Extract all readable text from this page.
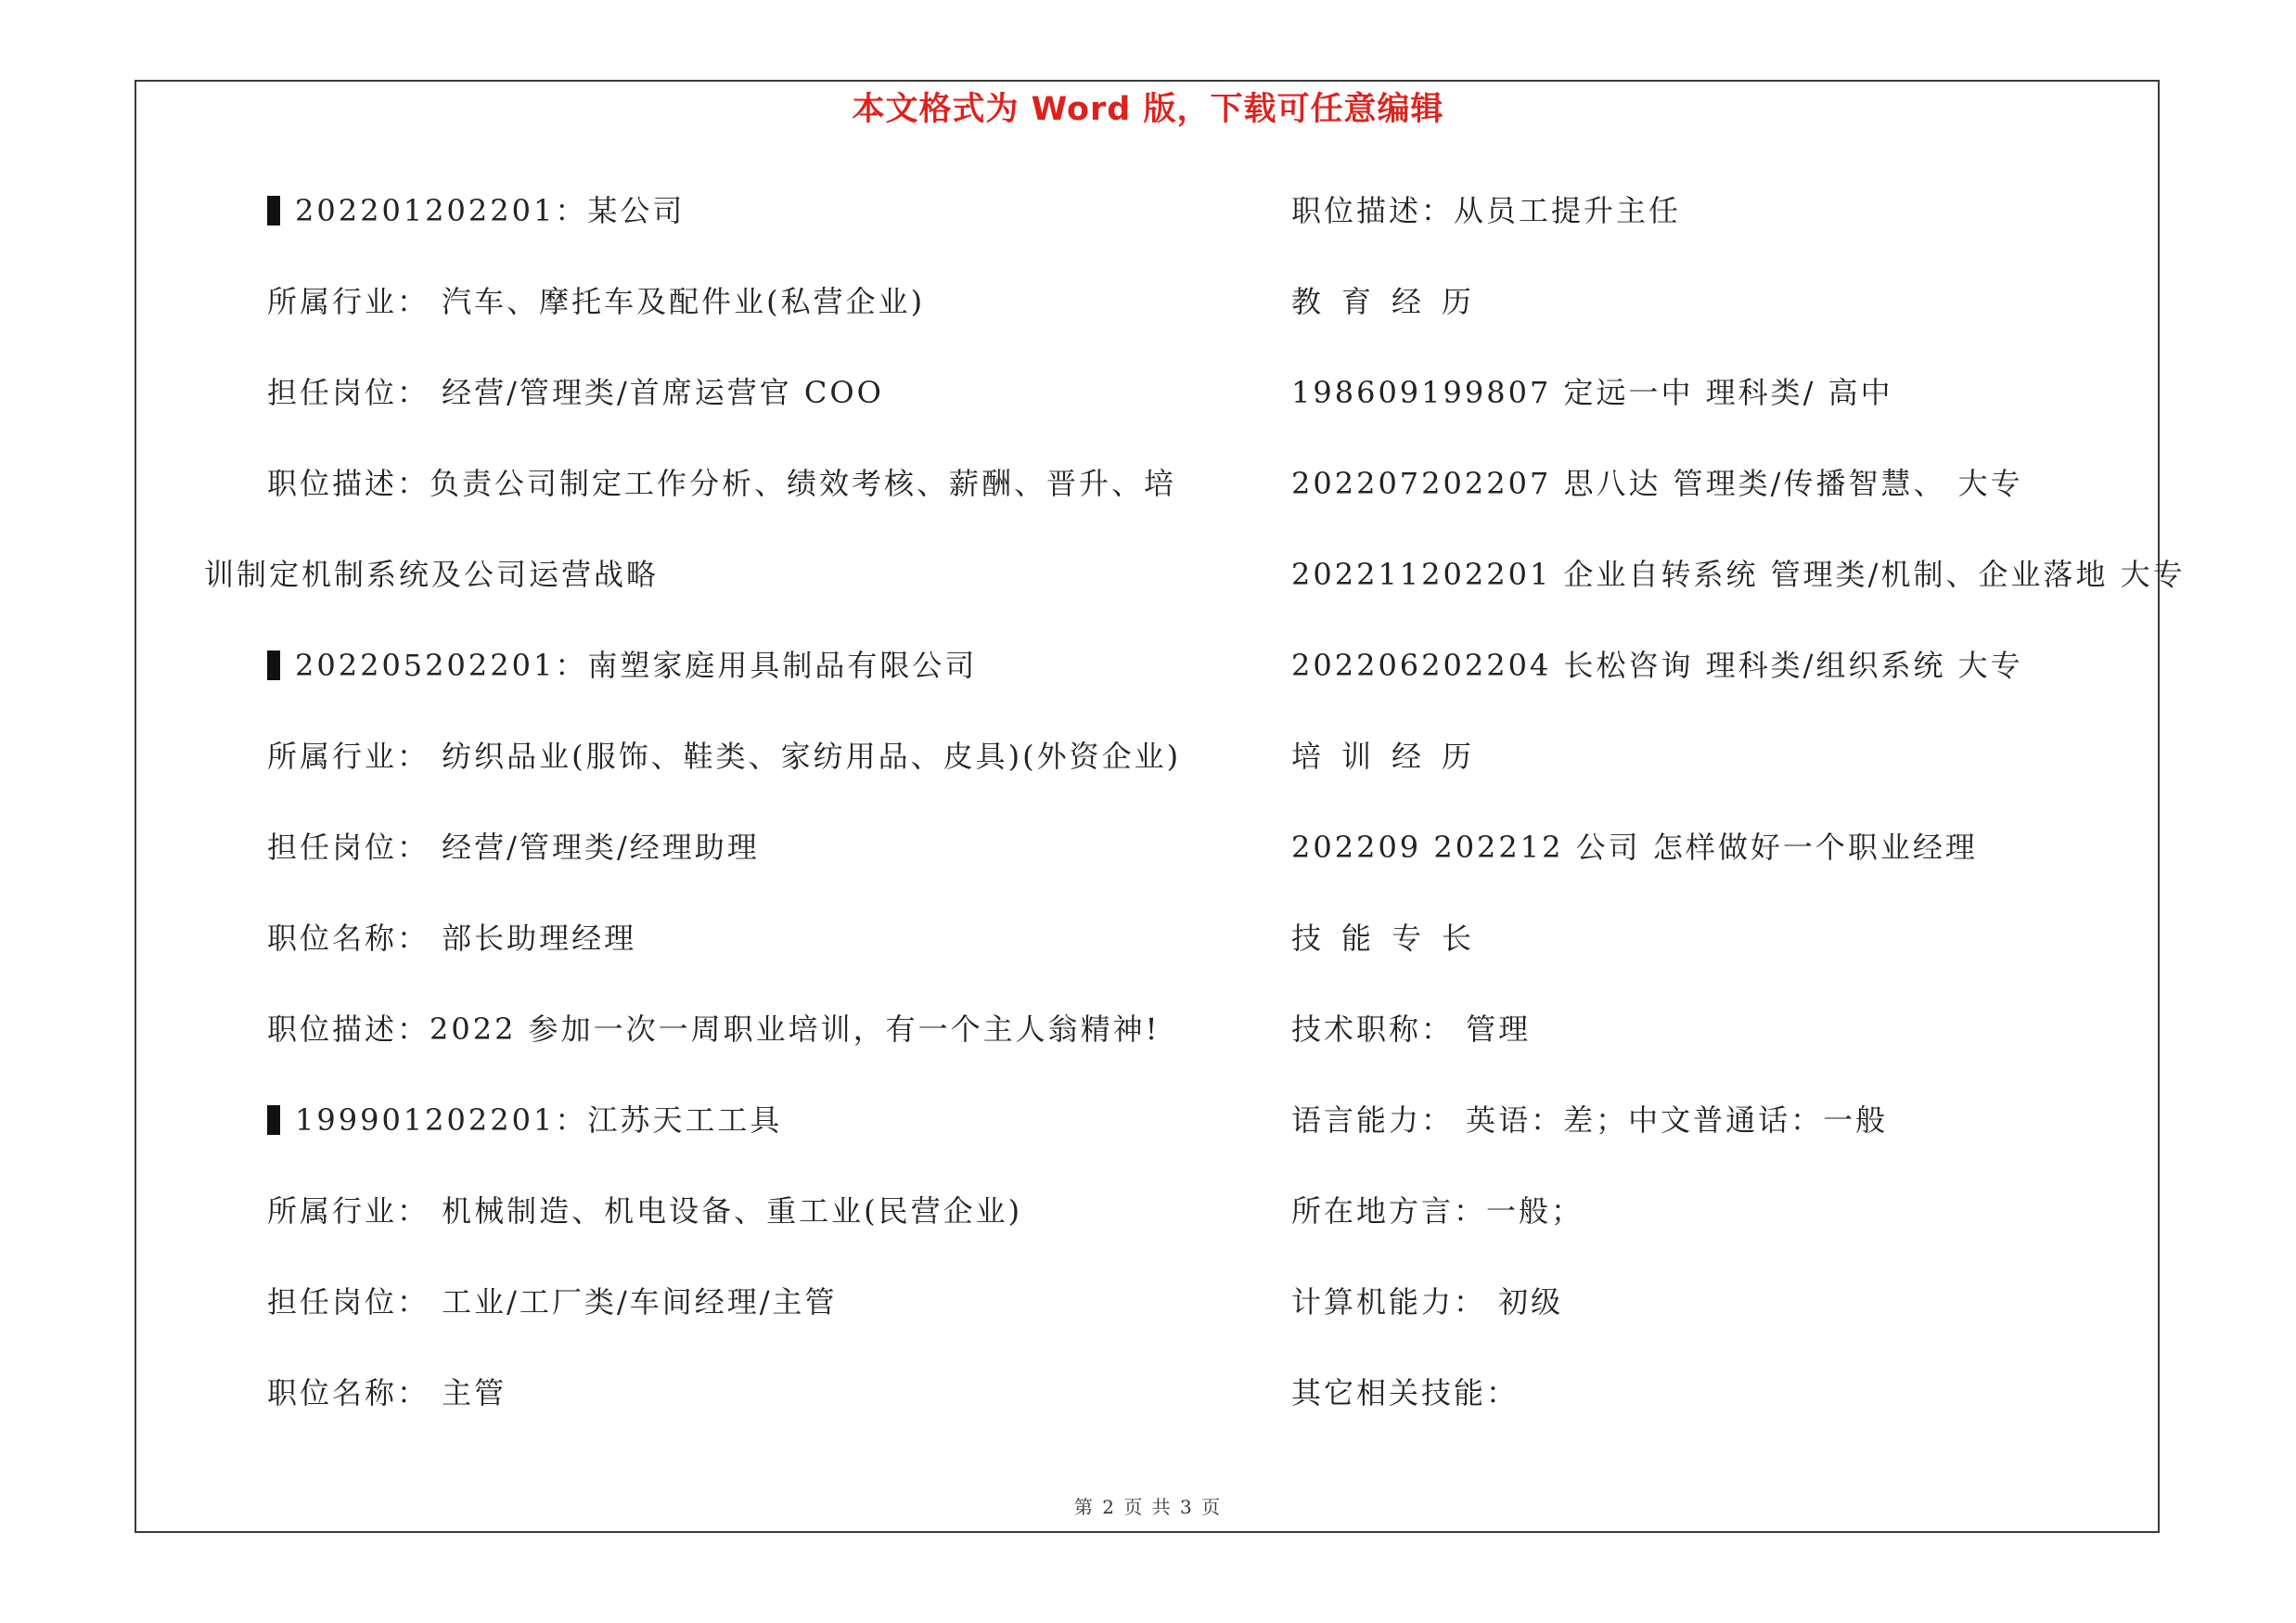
本文格式为 Word 版，下载可任意编辑
202201202201：某公司
所属行业： 汽车、摩托车及配件业(私营企业)
担任岗位： 经营/管理类/首席运营官 COO
职位描述：负责公司制定工作分析、绩效考核、薪酬、晋升、培
训制定机制系统及公司运营战略
202205202201：南塑家庭用具制品有限公司
所属行业： 纺织品业(服饰、鞋类、家纺用品、皮具)(外资企业)
担任岗位： 经营/管理类/经理助理
职位名称： 部长助理经理
职位描述：2022 参加一次一周职业培训，有一个主人翁精神!
199901202201：江苏天工工具
所属行业： 机械制造、机电设备、重工业(民营企业)
担任岗位： 工业/工厂类/车间经理/主管
职位名称： 主管
职位描述：从员工提升主任
教育经历
198609199807 定远一中 理科类/ 高中
202207202207 思八达 管理类/传播智慧、 大专
202211202201 企业自转系统 管理类/机制、企业落地 大专
202206202204 长松咨询 理科类/组织系统 大专
培训经历
202209 202212 公司 怎样做好一个职业经理
技能专长
技术职称： 管理
语言能力： 英语：差；中文普通话：一般
所在地方言：一般；
计算机能力： 初级
其它相关技能：
第 2 页 共 3 页
